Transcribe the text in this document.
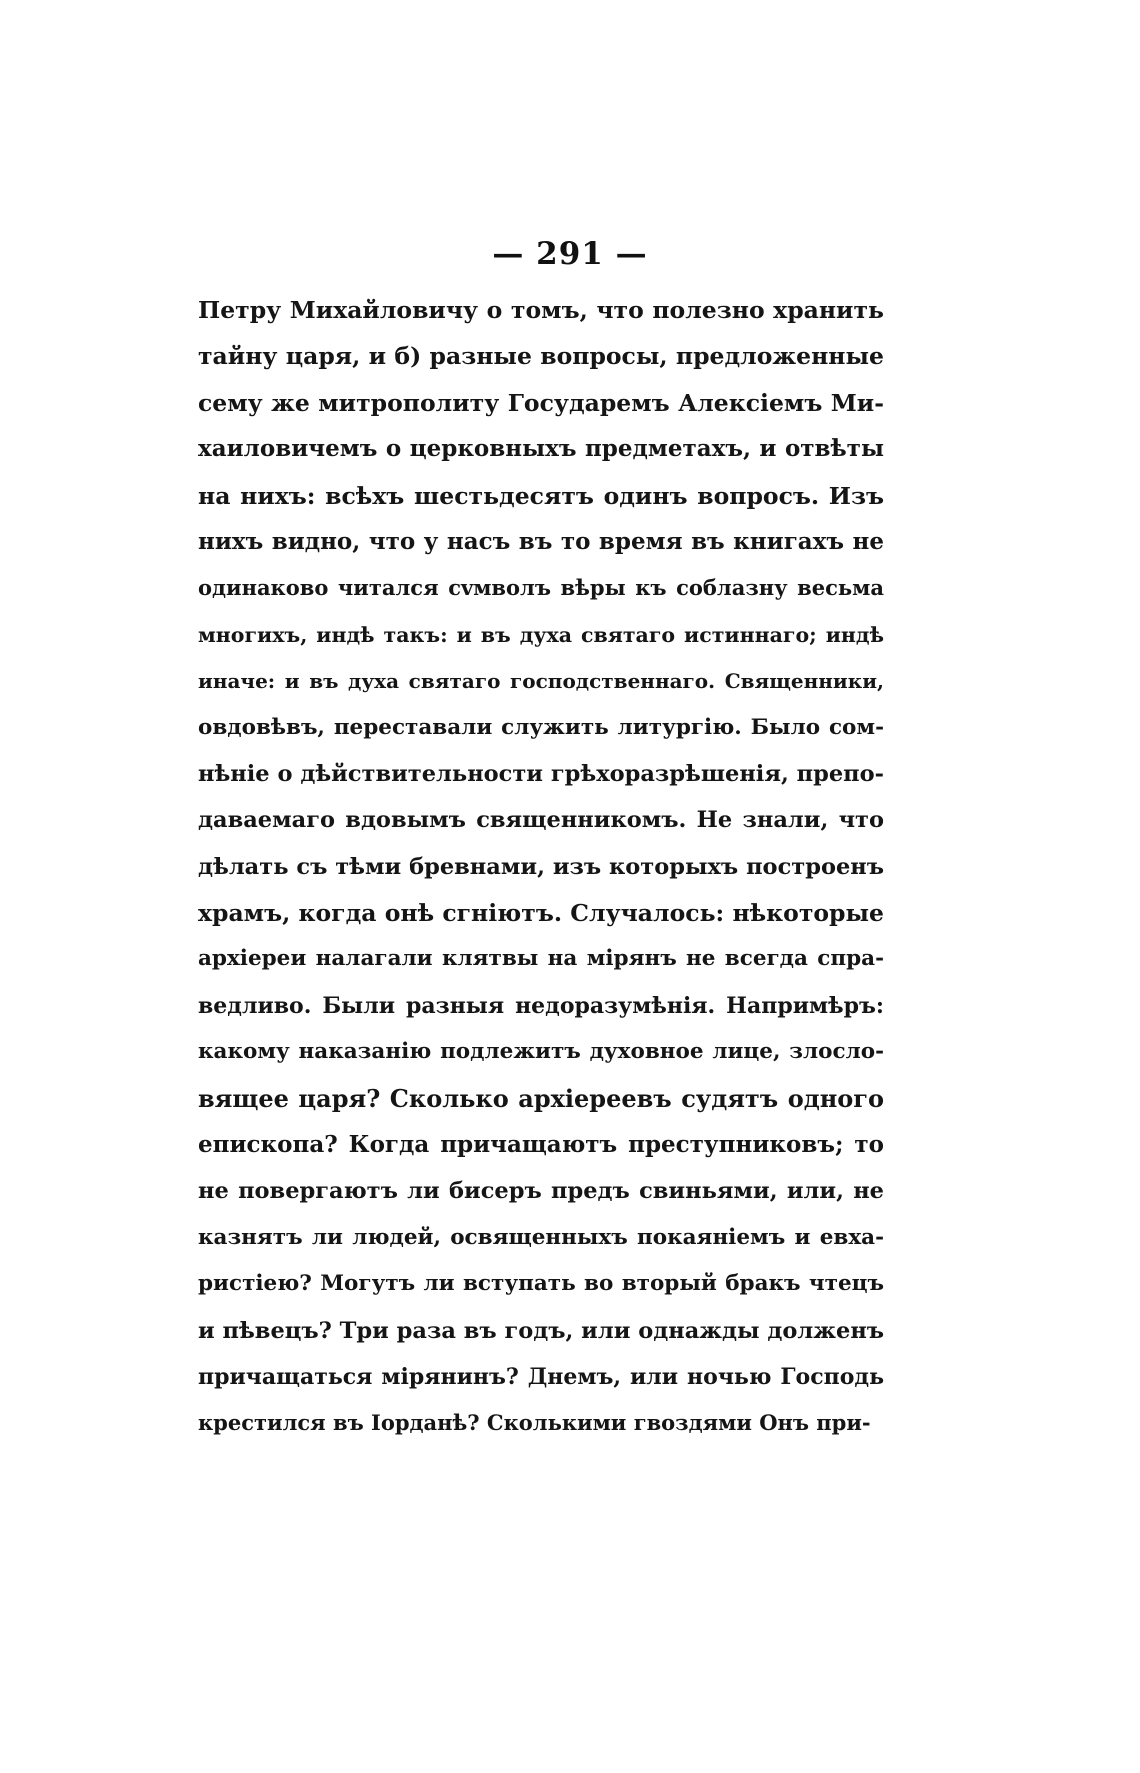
— 291 —
Петру Михайловичу о томъ, что полезно хранить
тайну царя, и б) разные вопросы, предложенные
сему же митрополиту Государемъ Алексiемъ Ми-
хаиловичемъ о церковныхъ предметахъ, и отвѣты
на нихъ: всѣхъ шестьдесятъ одинъ вопросъ. Изъ
нихъ видно, что у насъ въ то время въ книгахъ не
одинаково читался сvмволъ вѣры къ соблазну весьма
многихъ, индѣ такъ: и въ духа святаго истиннаго; индѣ
иначе: и въ духа святаго господственнаго. Священники,
овдовѣвъ, переставали служить литургiю. Было сом-
нѣнiе о дѣйствительности грѣхоразрѣшенiя, препо-
даваемаго вдовымъ священникомъ. Не знали, что
дѣлать съ тѣми бревнами, изъ которыхъ построенъ
храмъ, когда онѣ сгнiютъ. Случалось: нѣкоторые
архiереи налагали клятвы на мiрянъ не всегда спра-
ведливо. Были разныя недоразумѣнiя. Напримѣръ:
какому наказанiю подлежитъ духовное лице, злосло-
вящее царя? Сколько архiереевъ судятъ одного
епископа? Когда причащаютъ преступниковъ; то
не повергаютъ ли бисеръ предъ свиньями, или, не
казнятъ ли людей, освященныхъ покаянiемъ и евха-
ристiею? Могутъ ли вступать во вторый бракъ чтецъ
и пѣвецъ? Три раза въ годъ, или однажды долженъ
причащаться мiрянинъ? Днемъ, или ночью Господь
крестился въ Iорданѣ? Сколькими гвоздями Онъ при-
